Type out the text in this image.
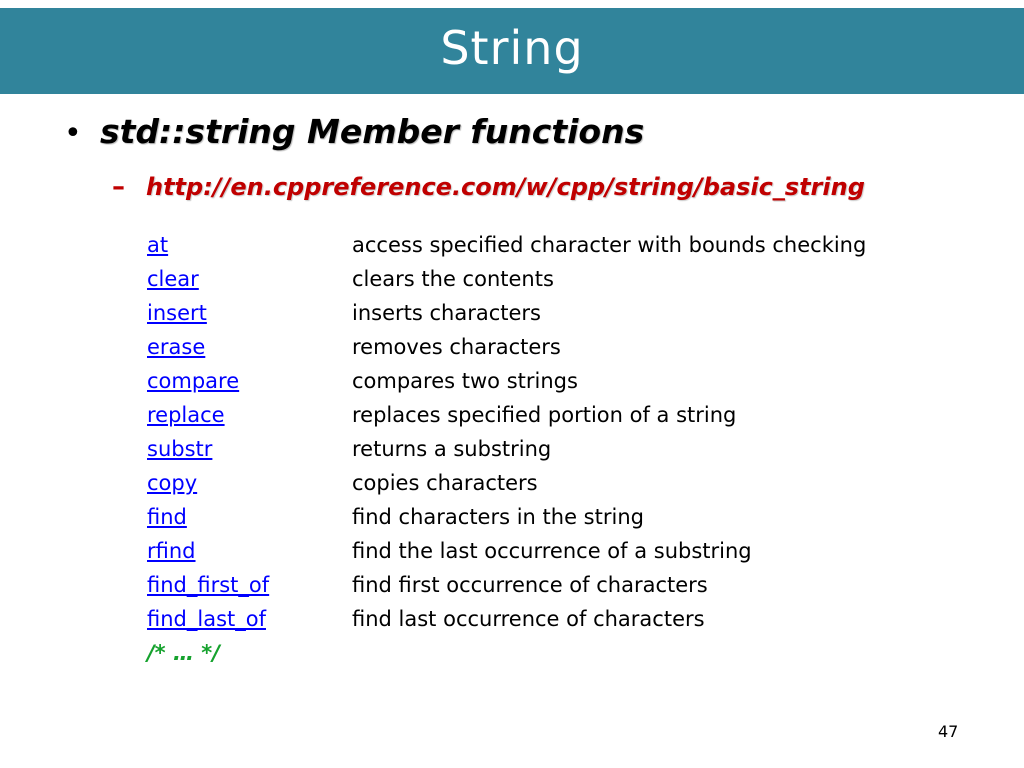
String
• std::string Member functions
– http://en.cppreference.com/w/cpp/string/basic_string
at	access specified character with bounds checking
clear	clears the contents
insert	inserts characters
erase	removes characters
compare	compares two strings
replace	replaces specified portion of a string
substr	returns a substring
copy	copies characters
find	find characters in the string
rfind	find the last occurrence of a substring
find_first_of	find first occurrence of characters
find_last_of	find last occurrence of characters
/* … */
47
